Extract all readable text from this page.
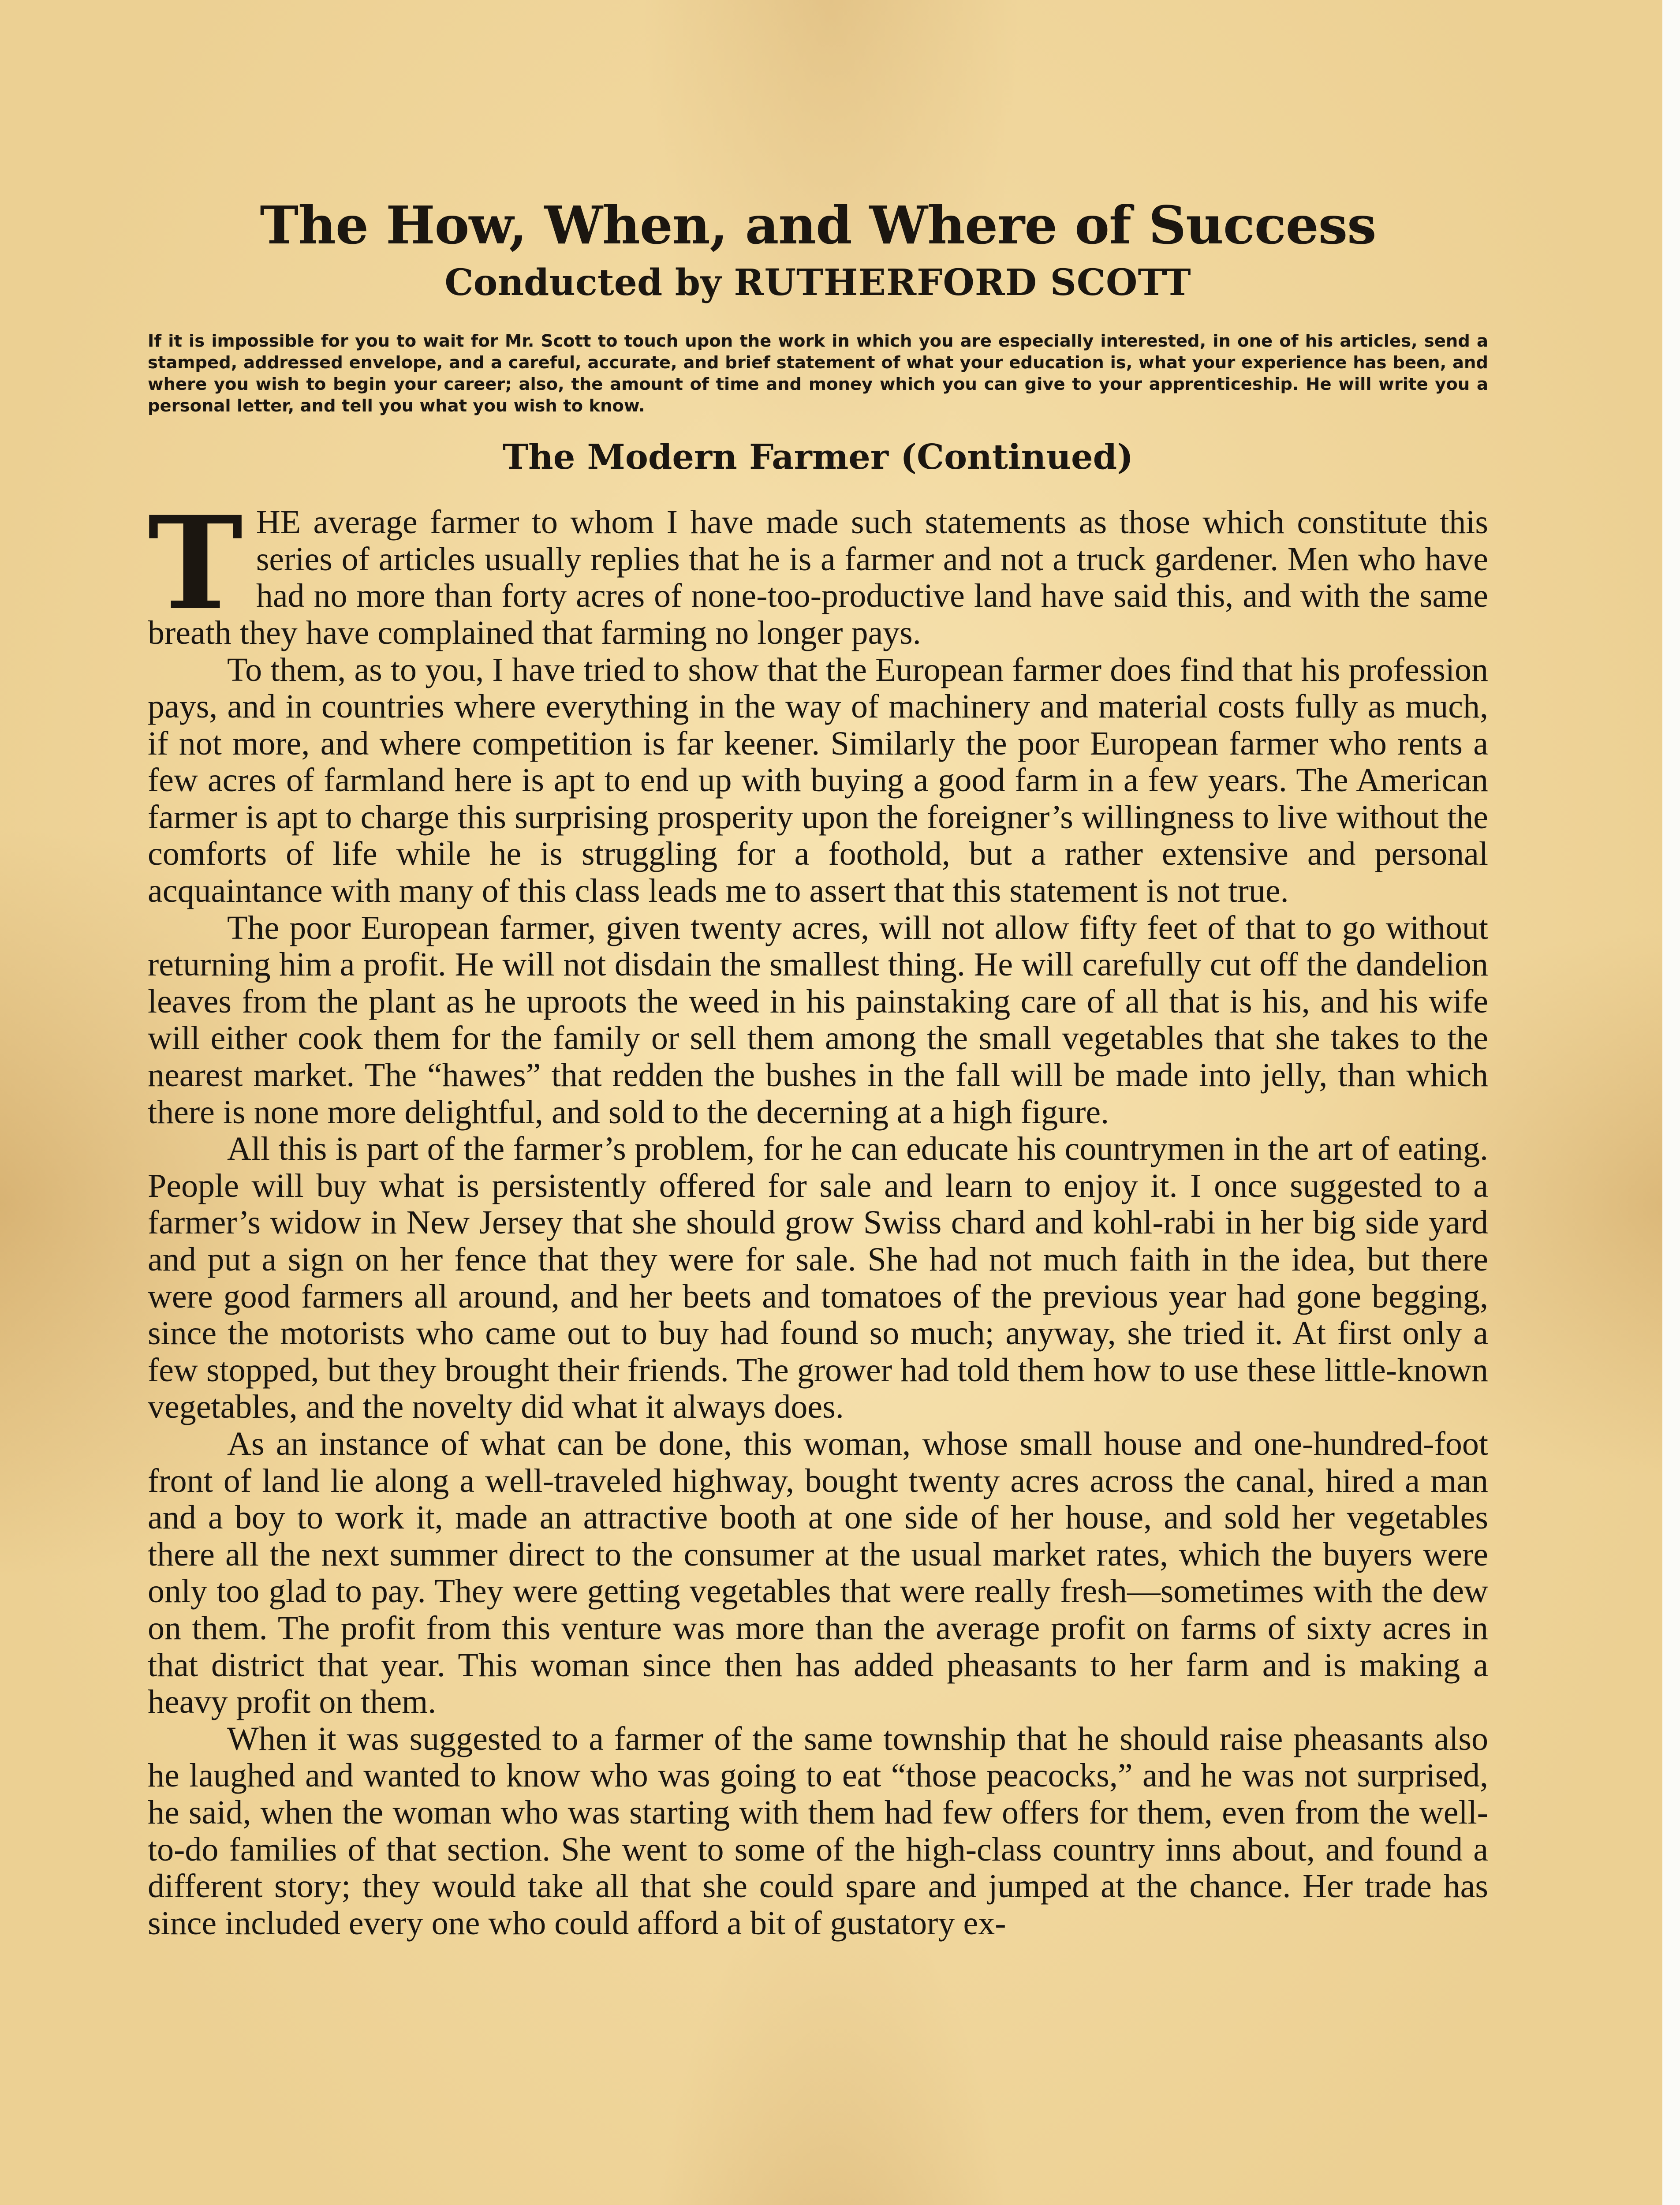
The How, When, and Where of Success
Conducted by RUTHERFORD SCOTT

If it is impossible for you to wait for Mr. Scott to touch upon the work in which you are especially interested, in one of his articles, send a stamped, addressed envelope, and a careful, accurate, and brief statement of what your education is, what your experience has been, and where you wish to begin your career; also, the amount of time and money which you can give to your apprenticeship. He will write you a personal letter, and tell you what you wish to know.

The Modern Farmer (Continued)

THE average farmer to whom I have made such statements as those which constitute this series of articles usually replies that he is a farmer and not a truck gardener. Men who have had no more than forty acres of none-too-productive land have said this, and with the same breath they have complained that farming no longer pays.

To them, as to you, I have tried to show that the European farmer does find that his profession pays, and in countries where everything in the way of machinery and material costs fully as much, if not more, and where competition is far keener. Similarly the poor European farmer who rents a few acres of farmland here is apt to end up with buying a good farm in a few years. The American farmer is apt to charge this surprising prosperity upon the foreigner’s willingness to live without the comforts of life while he is struggling for a foothold, but a rather extensive and personal acquaintance with many of this class leads me to assert that this statement is not true.

The poor European farmer, given twenty acres, will not allow fifty feet of that to go without returning him a profit. He will not disdain the smallest thing. He will carefully cut off the dandelion leaves from the plant as he uproots the weed in his painstaking care of all that is his, and his wife will either cook them for the family or sell them among the small vegetables that she takes to the nearest market. The “hawes” that redden the bushes in the fall will be made into jelly, than which there is none more delightful, and sold to the decerning at a high figure.

All this is part of the farmer’s problem, for he can educate his countrymen in the art of eating. People will buy what is persistently offered for sale and learn to enjoy it. I once suggested to a farmer’s widow in New Jersey that she should grow Swiss chard and kohl-rabi in her big side yard and put a sign on her fence that they were for sale. She had not much faith in the idea, but there were good farmers all around, and her beets and tomatoes of the previous year had gone begging, since the motorists who came out to buy had found so much; anyway, she tried it. At first only a few stopped, but they brought their friends. The grower had told them how to use these little-known vegetables, and the novelty did what it always does.

As an instance of what can be done, this woman, whose small house and one-hundred-foot front of land lie along a well-traveled highway, bought twenty acres across the canal, hired a man and a boy to work it, made an attractive booth at one side of her house, and sold her vegetables there all the next summer direct to the consumer at the usual market rates, which the buyers were only too glad to pay. They were getting vegetables that were really fresh—sometimes with the dew on them. The profit from this venture was more than the average profit on farms of sixty acres in that district that year. This woman since then has added pheasants to her farm and is making a heavy profit on them.

When it was suggested to a farmer of the same township that he should raise pheasants also he laughed and wanted to know who was going to eat “those peacocks,” and he was not surprised, he said, when the woman who was starting with them had few offers for them, even from the well-to-do families of that section. She went to some of the high-class country inns about, and found a different story; they would take all that she could spare and jumped at the chance. Her trade has since included every one who could afford a bit of gustatory ex-
